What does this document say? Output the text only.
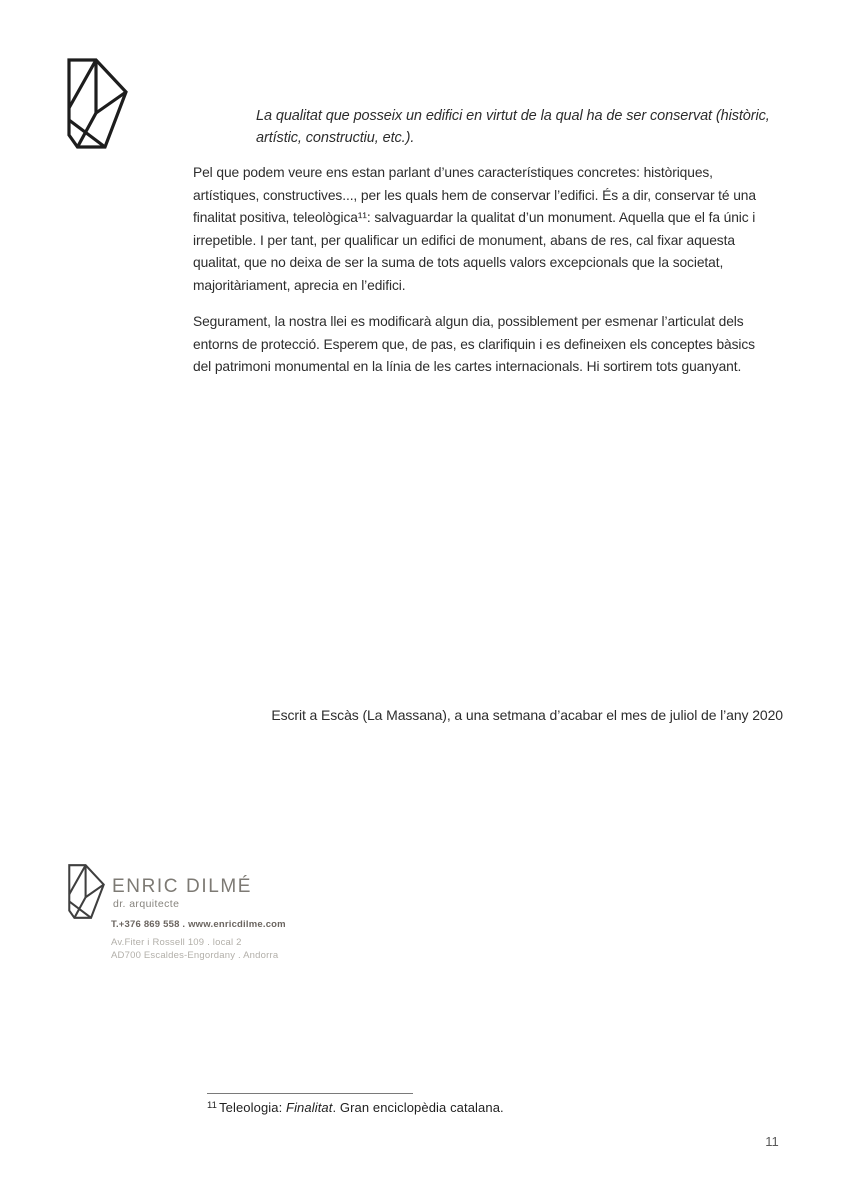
La qualitat que posseix un edifici en virtut de la qual ha de ser conservat (històric, artístic, constructiu, etc.).

Pel que podem veure ens estan parlant d’unes característiques concretes: històriques, artístiques, constructives..., per les quals hem de conservar l’edifici. És a dir, conservar té una finalitat positiva, teleològica¹¹: salvaguardar la qualitat d’un monument. Aquella que el fa únic i irrepetible. I per tant, per qualificar un edifici de monument, abans de res, cal fixar aquesta qualitat, que no deixa de ser la suma de tots aquells valors excepcionals que la societat, majoritàriament, aprecia en l’edifici.

Segurament, la nostra llei es modificarà algun dia, possiblement per esmenar l’articulat dels entorns de protecció. Esperem que, de pas, es clarifiquin i es defineixen els conceptes bàsics del patrimoni monumental en la línia de les cartes internacionals. Hi sortirem tots guanyant.

Escrit a Escàs (La Massana), a una setmana d’acabar el mes de juliol de l’any 2020
ENRIC DILMÉ
dr. arquitecte
T.+376 869 558 . www.enricdilme.com
Av.Fiter i Rossell 109 . local 2
AD700 Escaldes-Engordany . Andorra
$^{11}$ Teleologia: Finalitat. Gran enciclopèdia catalana.
11
